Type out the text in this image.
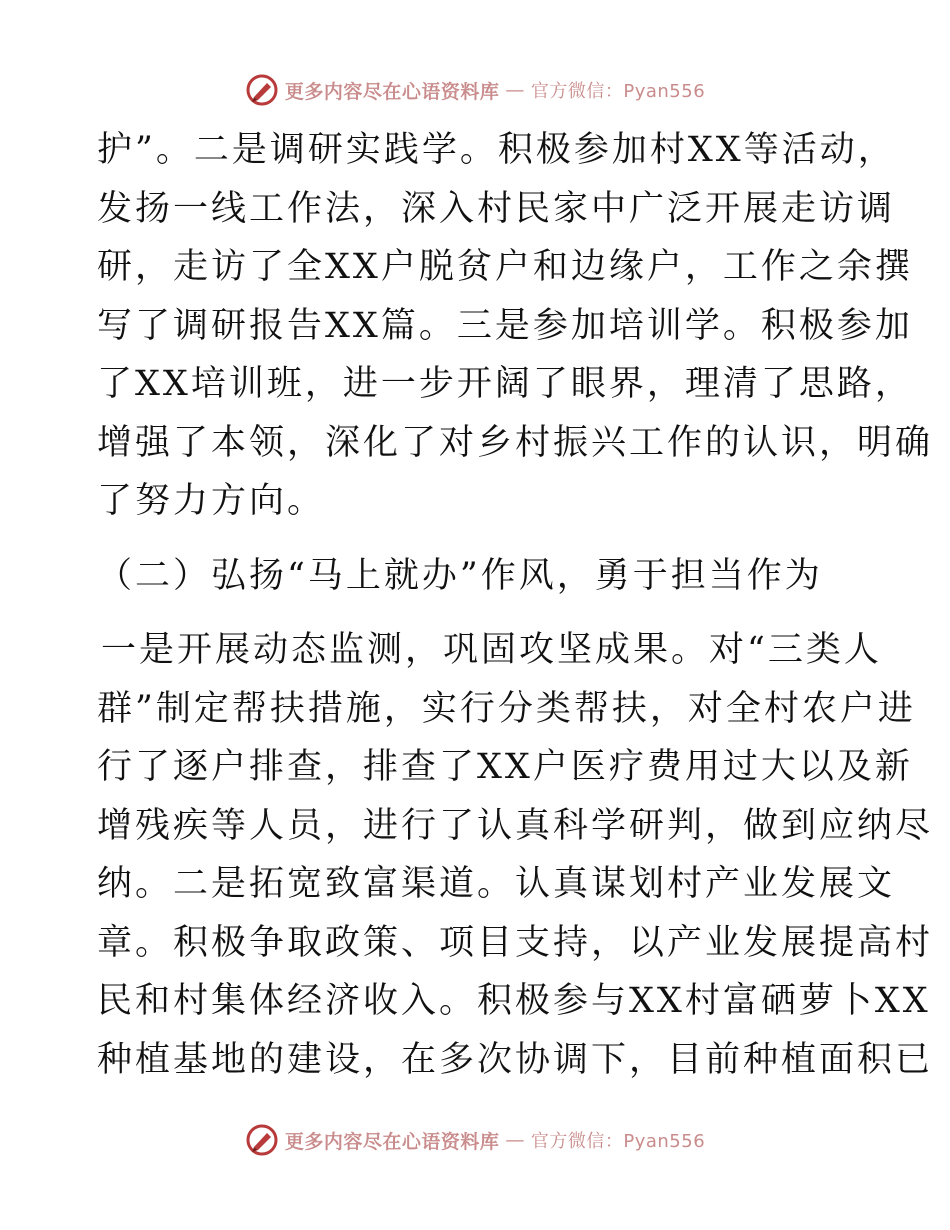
更多内容尽在心语资料库 — 官方微信：Pyan556
护”。二是调研实践学。积极参加村XX等活动，
发扬一线工作法，深入村民家中广泛开展走访调
研，走访了全XX户脱贫户和边缘户，工作之余撰
写了调研报告XX篇。三是参加培训学。积极参加
了XX培训班，进一步开阔了眼界，理清了思路，
增强了本领，深化了对乡村振兴工作的认识，明确
了努力方向。
（二）弘扬“马上就办”作风，勇于担当作为
一是开展动态监测，巩固攻坚成果。对“三类人
群”制定帮扶措施，实行分类帮扶，对全村农户进
行了逐户排查，排查了XX户医疗费用过大以及新
增残疾等人员，进行了认真科学研判，做到应纳尽
纳。二是拓宽致富渠道。认真谋划村产业发展文
章。积极争取政策、项目支持，以产业发展提高村
民和村集体经济收入。积极参与XX村富硒萝卜XX
种植基地的建设，在多次协调下，目前种植面积已
更多内容尽在心语资料库 — 官方微信：Pyan556
